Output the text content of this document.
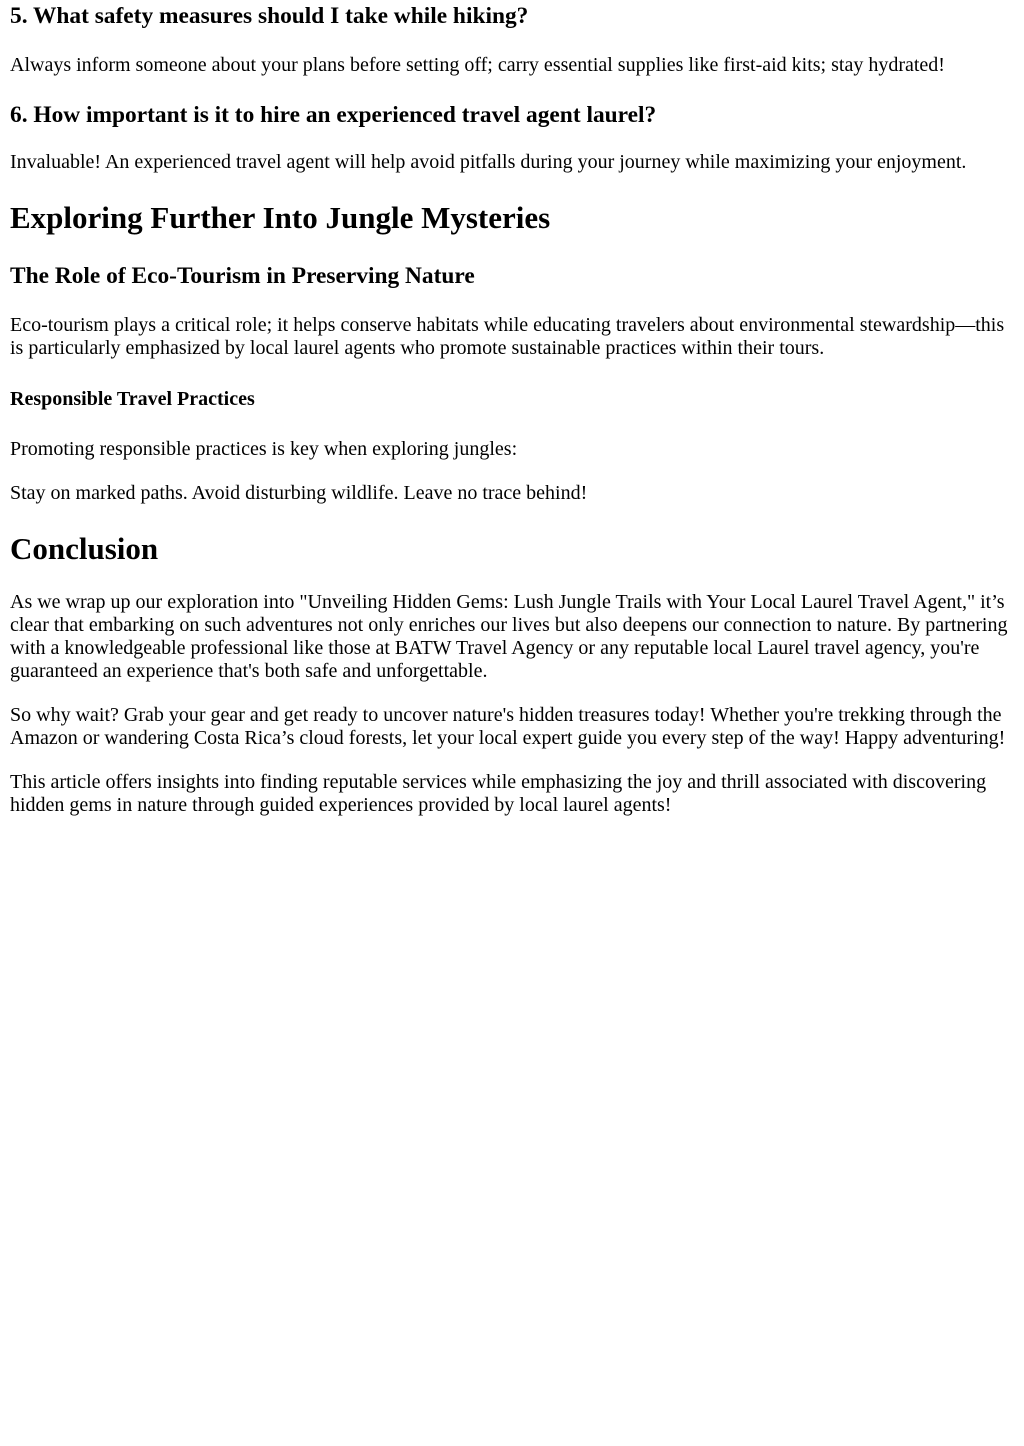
5. What safety measures should I take while hiking?

Always inform someone about your plans before setting off; carry essential supplies like first-aid kits; stay hydrated!

6. How important is it to hire an experienced travel agent laurel?

Invaluable! An experienced travel agent will help avoid pitfalls during your journey while maximizing your enjoyment.

Exploring Further Into Jungle Mysteries
The Role of Eco-Tourism in Preserving Nature

Eco-tourism plays a critical role; it helps conserve habitats while educating travelers about environmental stewardship—this is particularly emphasized by local laurel agents who promote sustainable practices within their tours.

Responsible Travel Practices

Promoting responsible practices is key when exploring jungles:

Stay on marked paths. Avoid disturbing wildlife. Leave no trace behind!

Conclusion

As we wrap up our exploration into "Unveiling Hidden Gems: Lush Jungle Trails with Your Local Laurel Travel Agent," it’s clear that embarking on such adventures not only enriches our lives but also deepens our connection to nature. By partnering with a knowledgeable professional like those at BATW Travel Agency or any reputable local Laurel travel agency, you're guaranteed an experience that's both safe and unforgettable.

So why wait? Grab your gear and get ready to uncover nature's hidden treasures today! Whether you're trekking through the Amazon or wandering Costa Rica’s cloud forests, let your local expert guide you every step of the way! Happy adventuring!

This article offers insights into finding reputable services while emphasizing the joy and thrill associated with discovering hidden gems in nature through guided experiences provided by local laurel agents!
